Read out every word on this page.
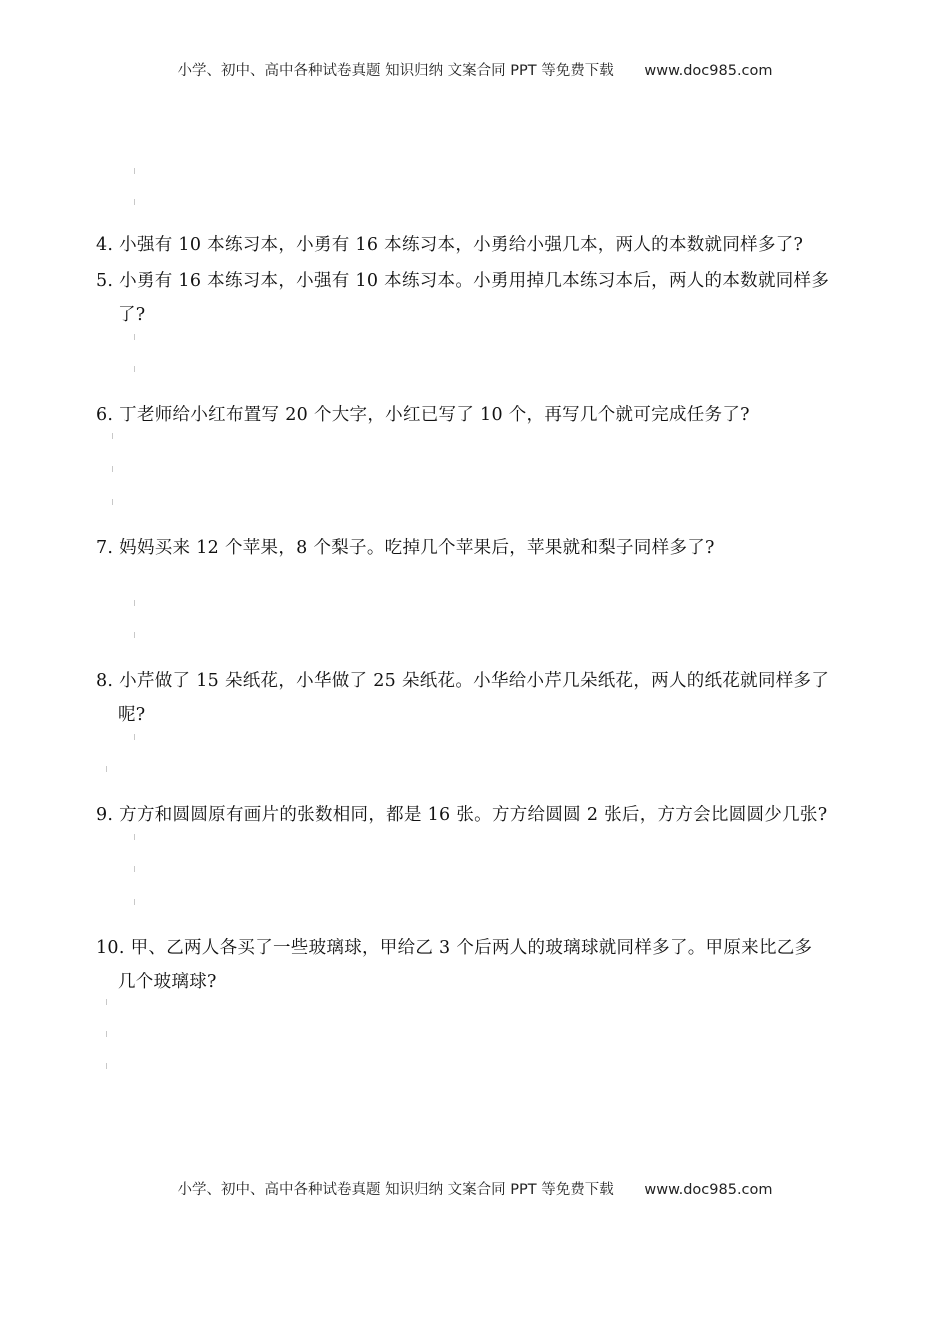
小学、初中、高中各种试卷真题 知识归纳 文案合同 PPT 等免费下载 www.doc985.com
4. 小强有 10 本练习本，小勇有 16 本练习本，小勇给小强几本，两人的本数就同样多了?
5. 小勇有 16 本练习本，小强有 10 本练习本。小勇用掉几本练习本后，两人的本数就同样多
了?
6. 丁老师给小红布置写 20 个大字，小红已写了 10 个，再写几个就可完成任务了?
7. 妈妈买来 12 个苹果，8 个梨子。吃掉几个苹果后，苹果就和梨子同样多了?
8. 小芹做了 15 朵纸花，小华做了 25 朵纸花。小华给小芹几朵纸花，两人的纸花就同样多了
呢?
9. 方方和圆圆原有画片的张数相同，都是 16 张。方方给圆圆 2 张后，方方会比圆圆少几张?
10. 甲、乙两人各买了一些玻璃球，甲给乙 3 个后两人的玻璃球就同样多了。甲原来比乙多
几个玻璃球?
小学、初中、高中各种试卷真题 知识归纳 文案合同 PPT 等免费下载 www.doc985.com
